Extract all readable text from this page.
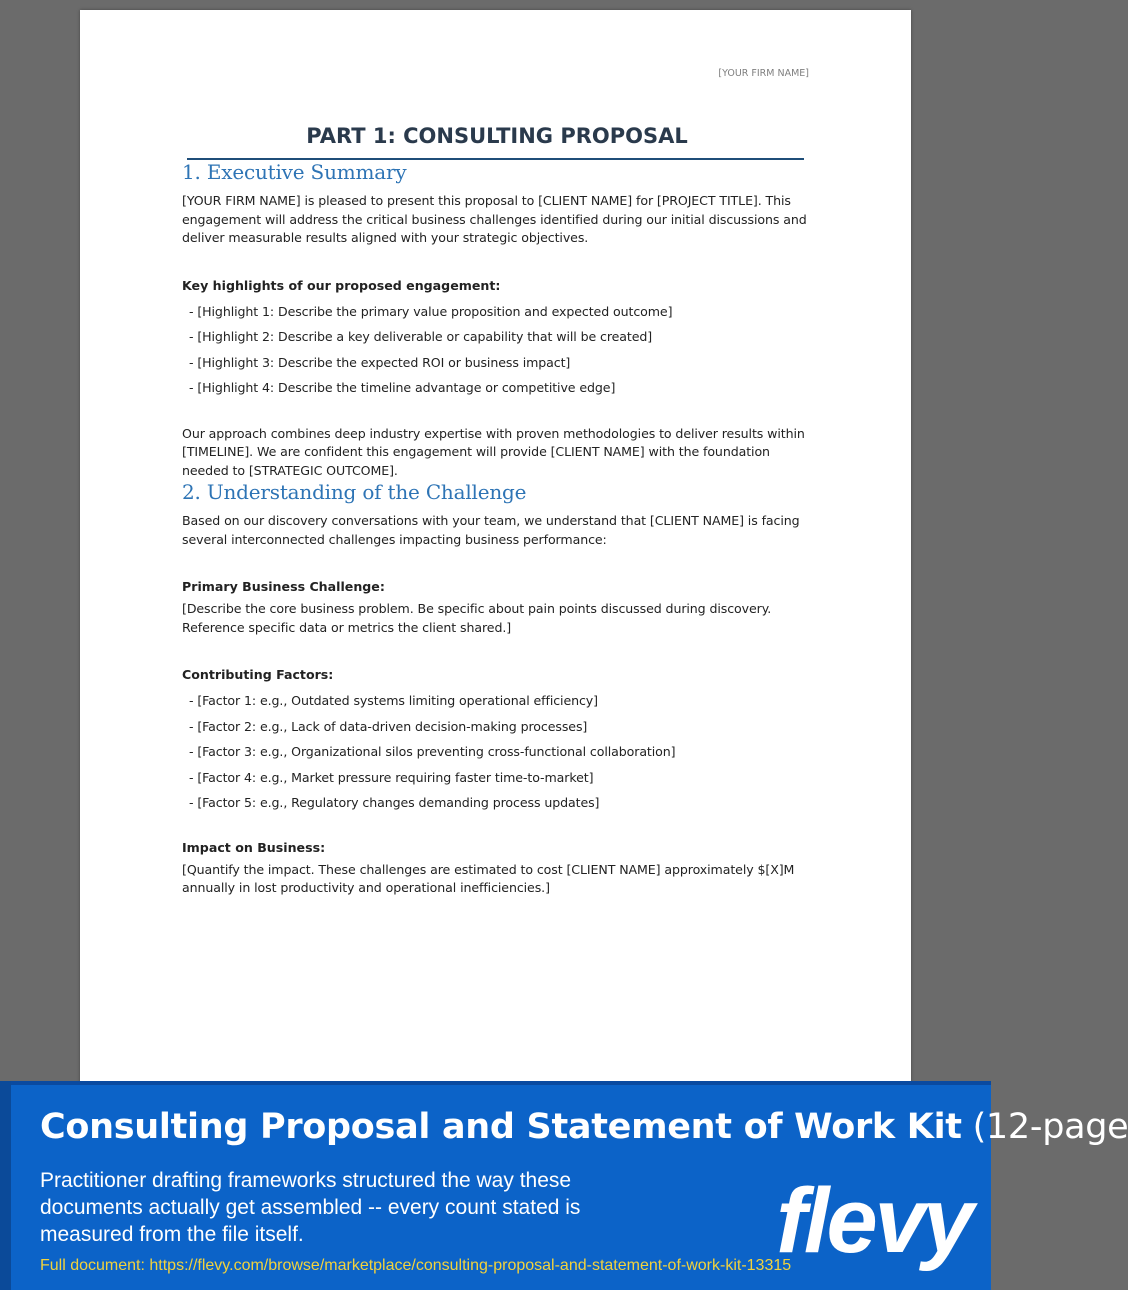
[YOUR FIRM NAME]
PART 1: CONSULTING PROPOSAL
1. Executive Summary

[YOUR FIRM NAME] is pleased to present this proposal to [CLIENT NAME] for [PROJECT TITLE]. This engagement will address the critical business challenges identified during our initial discussions and deliver measurable results aligned with your strategic objectives.

Key highlights of our proposed engagement:
- [Highlight 1: Describe the primary value proposition and expected outcome]
- [Highlight 2: Describe a key deliverable or capability that will be created]
- [Highlight 3: Describe the expected ROI or business impact]
- [Highlight 4: Describe the timeline advantage or competitive edge]

Our approach combines deep industry expertise with proven methodologies to deliver results within [TIMELINE]. We are confident this engagement will provide [CLIENT NAME] with the foundation needed to [STRATEGIC OUTCOME].

2. Understanding of the Challenge

Based on our discovery conversations with your team, we understand that [CLIENT NAME] is facing several interconnected challenges impacting business performance:

Primary Business Challenge:

[Describe the core business problem. Be specific about pain points discussed during discovery. Reference specific data or metrics the client shared.]

Contributing Factors:
- [Factor 1: e.g., Outdated systems limiting operational efficiency]
- [Factor 2: e.g., Lack of data-driven decision-making processes]
- [Factor 3: e.g., Organizational silos preventing cross-functional collaboration]
- [Factor 4: e.g., Market pressure requiring faster time-to-market]
- [Factor 5: e.g., Regulatory changes demanding process updates]
Impact on Business:

[Quantify the impact. These challenges are estimated to cost [CLIENT NAME] approximately $[X]M annually in lost productivity and operational inefficiencies.]

Consulting Proposal and Statement of Work Kit (12-page
Practitioner drafting frameworks structured the way these documents actually get assembled -- every count stated is measured from the file itself.
Full document: https://flevy.com/browse/marketplace/consulting-proposal-and-statement-of-work-kit-13315
flevy
